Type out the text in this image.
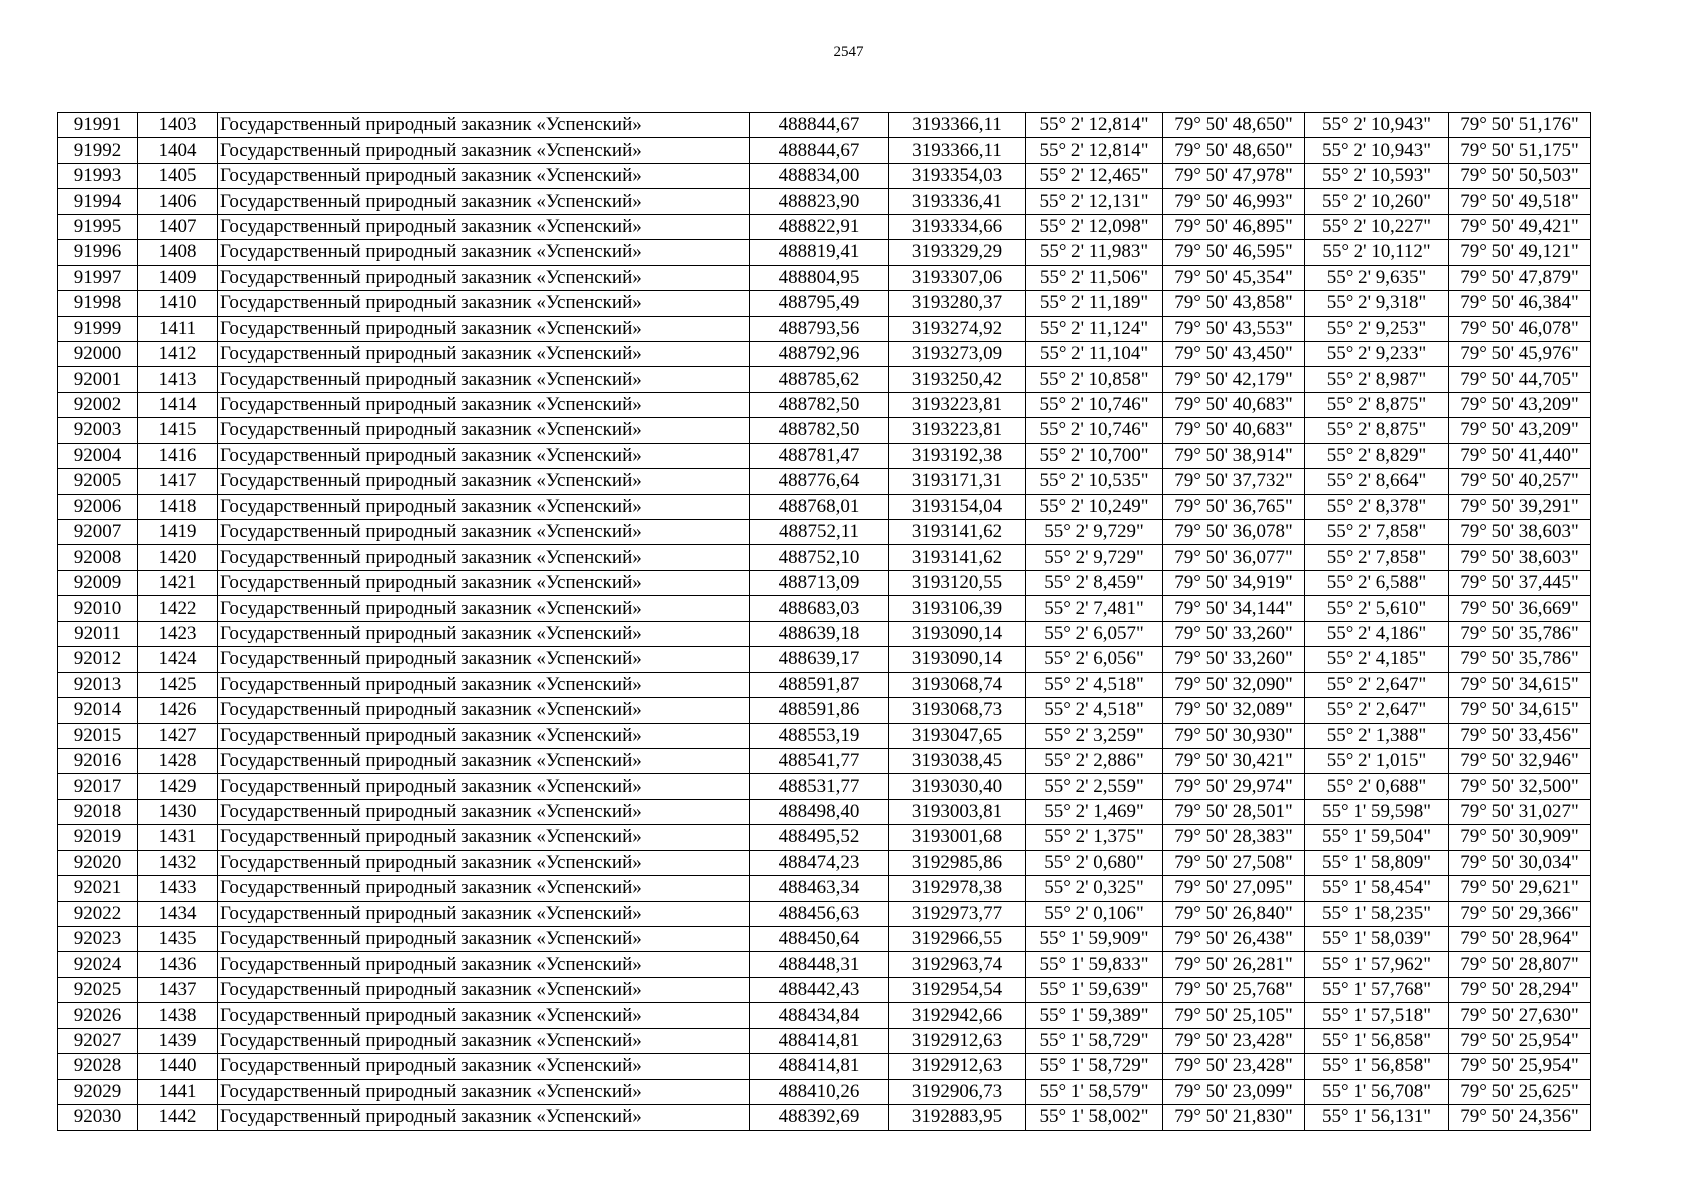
2547
91991	1403	Государственный природный заказник «Успенский»	488844,67	3193366,11	55° 2' 12,814"	79° 50' 48,650"	55° 2' 10,943"	79° 50' 51,176"
91992	1404	Государственный природный заказник «Успенский»	488844,67	3193366,11	55° 2' 12,814"	79° 50' 48,650"	55° 2' 10,943"	79° 50' 51,175"
91993	1405	Государственный природный заказник «Успенский»	488834,00	3193354,03	55° 2' 12,465"	79° 50' 47,978"	55° 2' 10,593"	79° 50' 50,503"
91994	1406	Государственный природный заказник «Успенский»	488823,90	3193336,41	55° 2' 12,131"	79° 50' 46,993"	55° 2' 10,260"	79° 50' 49,518"
91995	1407	Государственный природный заказник «Успенский»	488822,91	3193334,66	55° 2' 12,098"	79° 50' 46,895"	55° 2' 10,227"	79° 50' 49,421"
91996	1408	Государственный природный заказник «Успенский»	488819,41	3193329,29	55° 2' 11,983"	79° 50' 46,595"	55° 2' 10,112"	79° 50' 49,121"
91997	1409	Государственный природный заказник «Успенский»	488804,95	3193307,06	55° 2' 11,506"	79° 50' 45,354"	55° 2' 9,635"	79° 50' 47,879"
91998	1410	Государственный природный заказник «Успенский»	488795,49	3193280,37	55° 2' 11,189"	79° 50' 43,858"	55° 2' 9,318"	79° 50' 46,384"
91999	1411	Государственный природный заказник «Успенский»	488793,56	3193274,92	55° 2' 11,124"	79° 50' 43,553"	55° 2' 9,253"	79° 50' 46,078"
92000	1412	Государственный природный заказник «Успенский»	488792,96	3193273,09	55° 2' 11,104"	79° 50' 43,450"	55° 2' 9,233"	79° 50' 45,976"
92001	1413	Государственный природный заказник «Успенский»	488785,62	3193250,42	55° 2' 10,858"	79° 50' 42,179"	55° 2' 8,987"	79° 50' 44,705"
92002	1414	Государственный природный заказник «Успенский»	488782,50	3193223,81	55° 2' 10,746"	79° 50' 40,683"	55° 2' 8,875"	79° 50' 43,209"
92003	1415	Государственный природный заказник «Успенский»	488782,50	3193223,81	55° 2' 10,746"	79° 50' 40,683"	55° 2' 8,875"	79° 50' 43,209"
92004	1416	Государственный природный заказник «Успенский»	488781,47	3193192,38	55° 2' 10,700"	79° 50' 38,914"	55° 2' 8,829"	79° 50' 41,440"
92005	1417	Государственный природный заказник «Успенский»	488776,64	3193171,31	55° 2' 10,535"	79° 50' 37,732"	55° 2' 8,664"	79° 50' 40,257"
92006	1418	Государственный природный заказник «Успенский»	488768,01	3193154,04	55° 2' 10,249"	79° 50' 36,765"	55° 2' 8,378"	79° 50' 39,291"
92007	1419	Государственный природный заказник «Успенский»	488752,11	3193141,62	55° 2' 9,729"	79° 50' 36,078"	55° 2' 7,858"	79° 50' 38,603"
92008	1420	Государственный природный заказник «Успенский»	488752,10	3193141,62	55° 2' 9,729"	79° 50' 36,077"	55° 2' 7,858"	79° 50' 38,603"
92009	1421	Государственный природный заказник «Успенский»	488713,09	3193120,55	55° 2' 8,459"	79° 50' 34,919"	55° 2' 6,588"	79° 50' 37,445"
92010	1422	Государственный природный заказник «Успенский»	488683,03	3193106,39	55° 2' 7,481"	79° 50' 34,144"	55° 2' 5,610"	79° 50' 36,669"
92011	1423	Государственный природный заказник «Успенский»	488639,18	3193090,14	55° 2' 6,057"	79° 50' 33,260"	55° 2' 4,186"	79° 50' 35,786"
92012	1424	Государственный природный заказник «Успенский»	488639,17	3193090,14	55° 2' 6,056"	79° 50' 33,260"	55° 2' 4,185"	79° 50' 35,786"
92013	1425	Государственный природный заказник «Успенский»	488591,87	3193068,74	55° 2' 4,518"	79° 50' 32,090"	55° 2' 2,647"	79° 50' 34,615"
92014	1426	Государственный природный заказник «Успенский»	488591,86	3193068,73	55° 2' 4,518"	79° 50' 32,089"	55° 2' 2,647"	79° 50' 34,615"
92015	1427	Государственный природный заказник «Успенский»	488553,19	3193047,65	55° 2' 3,259"	79° 50' 30,930"	55° 2' 1,388"	79° 50' 33,456"
92016	1428	Государственный природный заказник «Успенский»	488541,77	3193038,45	55° 2' 2,886"	79° 50' 30,421"	55° 2' 1,015"	79° 50' 32,946"
92017	1429	Государственный природный заказник «Успенский»	488531,77	3193030,40	55° 2' 2,559"	79° 50' 29,974"	55° 2' 0,688"	79° 50' 32,500"
92018	1430	Государственный природный заказник «Успенский»	488498,40	3193003,81	55° 2' 1,469"	79° 50' 28,501"	55° 1' 59,598"	79° 50' 31,027"
92019	1431	Государственный природный заказник «Успенский»	488495,52	3193001,68	55° 2' 1,375"	79° 50' 28,383"	55° 1' 59,504"	79° 50' 30,909"
92020	1432	Государственный природный заказник «Успенский»	488474,23	3192985,86	55° 2' 0,680"	79° 50' 27,508"	55° 1' 58,809"	79° 50' 30,034"
92021	1433	Государственный природный заказник «Успенский»	488463,34	3192978,38	55° 2' 0,325"	79° 50' 27,095"	55° 1' 58,454"	79° 50' 29,621"
92022	1434	Государственный природный заказник «Успенский»	488456,63	3192973,77	55° 2' 0,106"	79° 50' 26,840"	55° 1' 58,235"	79° 50' 29,366"
92023	1435	Государственный природный заказник «Успенский»	488450,64	3192966,55	55° 1' 59,909"	79° 50' 26,438"	55° 1' 58,039"	79° 50' 28,964"
92024	1436	Государственный природный заказник «Успенский»	488448,31	3192963,74	55° 1' 59,833"	79° 50' 26,281"	55° 1' 57,962"	79° 50' 28,807"
92025	1437	Государственный природный заказник «Успенский»	488442,43	3192954,54	55° 1' 59,639"	79° 50' 25,768"	55° 1' 57,768"	79° 50' 28,294"
92026	1438	Государственный природный заказник «Успенский»	488434,84	3192942,66	55° 1' 59,389"	79° 50' 25,105"	55° 1' 57,518"	79° 50' 27,630"
92027	1439	Государственный природный заказник «Успенский»	488414,81	3192912,63	55° 1' 58,729"	79° 50' 23,428"	55° 1' 56,858"	79° 50' 25,954"
92028	1440	Государственный природный заказник «Успенский»	488414,81	3192912,63	55° 1' 58,729"	79° 50' 23,428"	55° 1' 56,858"	79° 50' 25,954"
92029	1441	Государственный природный заказник «Успенский»	488410,26	3192906,73	55° 1' 58,579"	79° 50' 23,099"	55° 1' 56,708"	79° 50' 25,625"
92030	1442	Государственный природный заказник «Успенский»	488392,69	3192883,95	55° 1' 58,002"	79° 50' 21,830"	55° 1' 56,131"	79° 50' 24,356"
